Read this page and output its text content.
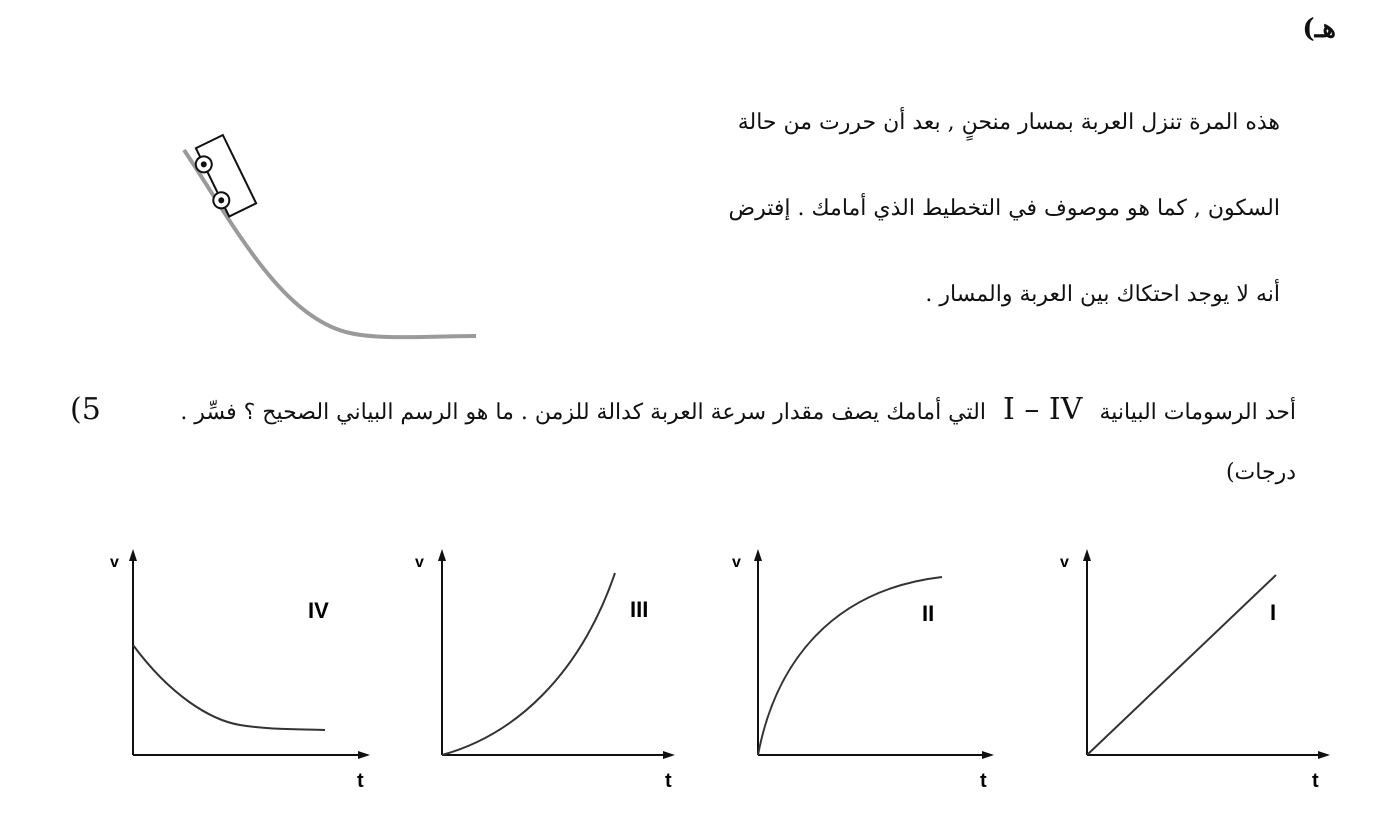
هـ)
هذه المرة تنزل العربة بمسار منحنٍ , بعد أن حررت من حالة
السكون , كما هو موصوف في التخطيط الذي أمامك . إفترض
أنه لا يوجد احتكاك بين العربة والمسار .
(5	أحد الرسومات البيانية I – IV التي أمامك يصف مقدار سرعة العربة كدالة للزمن . ما هو الرسم البياني الصحيح ؟ فسِّر .
درجات)
v
t
IV
v
t
III
v
t
II
v
t
I
